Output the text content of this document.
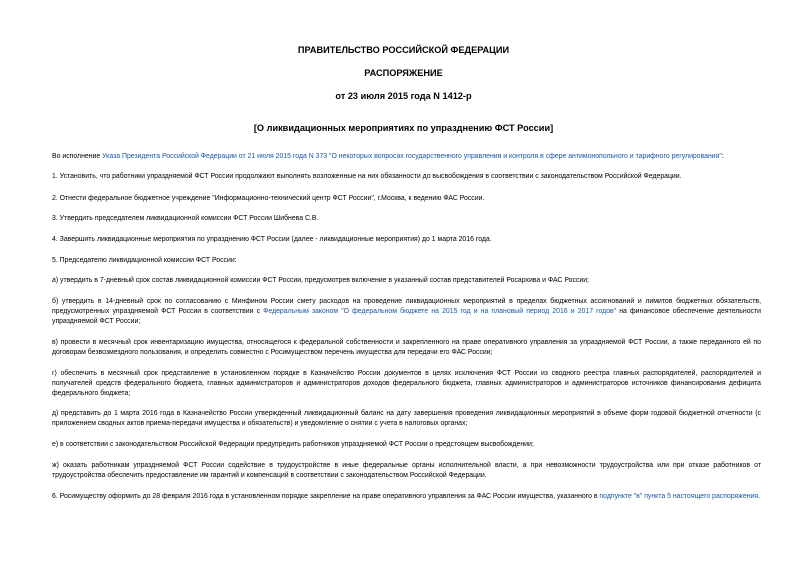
ПРАВИТЕЛЬСТВО РОССИЙСКОЙ ФЕДЕРАЦИИ
РАСПОРЯЖЕНИЕ
от 23 июля 2015 года N 1412-р
[О ликвидационных мероприятиях по упразднению ФСТ России]
Во исполнение Указа Президента Российской Федерации от 21 июля 2015 года N 373 "О некоторых вопросах государственного управления и контроля в сфере антимонопольного и тарифного регулирования":
1. Установить, что работники упраздняемой ФСТ России продолжают выполнять возложенные на них обязанности до высвобождения в соответствии с законодательством Российской Федерации.
2. Отнести федеральное бюджетное учреждение "Информационно-технический центр ФСТ России", г.Москва, к ведению ФАС России.
3. Утвердить председателем ликвидационной комиссии ФСТ России Шибнева С.В.
4. Завершить ликвидационные мероприятия по упразднению ФСТ России (далее - ликвидационные мероприятия) до 1 марта 2016 года.
5. Председателю ликвидационной комиссии ФСТ России:
а) утвердить в 7-дневный срок состав ликвидационной комиссии ФСТ России, предусмотрев включение в указанный состав представителей Росархива и ФАС России;
б) утвердить в 14-дневный срок по согласованию с Минфином России смету расходов на проведение ликвидационных мероприятий в пределах бюджетных ассигнований и лимитов бюджетных обязательств, предусмотренных упраздняемой ФСТ России в соответствии с Федеральным законом "О федеральном бюджете на 2015 год и на плановый период 2016 и 2017 годов" на финансовое обеспечение деятельности упраздняемой ФСТ России;
в) провести в месячный срок инвентаризацию имущества, относящегося к федеральной собственности и закрепленного на праве оперативного управления за упраздняемой ФСТ России, а также переданного ей по договорам безвозмездного пользования, и определить совместно с Росимуществом перечень имущества для передачи его ФАС России;
г) обеспечить в месячный срок представление в установленном порядке в Казначейство России документов в целях исключения ФСТ России из сводного реестра главных распорядителей, распорядителей и получателей средств федерального бюджета, главных администраторов и администраторов доходов федерального бюджета, главных администраторов и администраторов источников финансирования дефицита федерального бюджета;
д) представить до 1 марта 2016 года в Казначейство России утвержденный ликвидационный баланс на дату завершения проведения ликвидационных мероприятий в объеме форм годовой бюджетной отчетности (с приложением сводных актов приема-передачи имущества и обязательств) и уведомление о снятии с учета в налоговых органах;
е) в соответствии с законодательством Российской Федерации предупредить работников упраздняемой ФСТ России о предстоящем высвобождении;
ж) оказать работникам упраздняемой ФСТ России содействие в трудоустройстве в иные федеральные органы исполнительной власти, а при невозможности трудоустройства или при отказе работников от трудоустройства обеспечить предоставление им гарантий и компенсаций в соответствии с законодательством Российской Федерации.
6. Росимуществу оформить до 28 февраля 2016 года в установленном порядке закрепление на праве оперативного управления за ФАС России имущества, указанного в подпункте "в" пункта 5 настоящего распоряжения.
